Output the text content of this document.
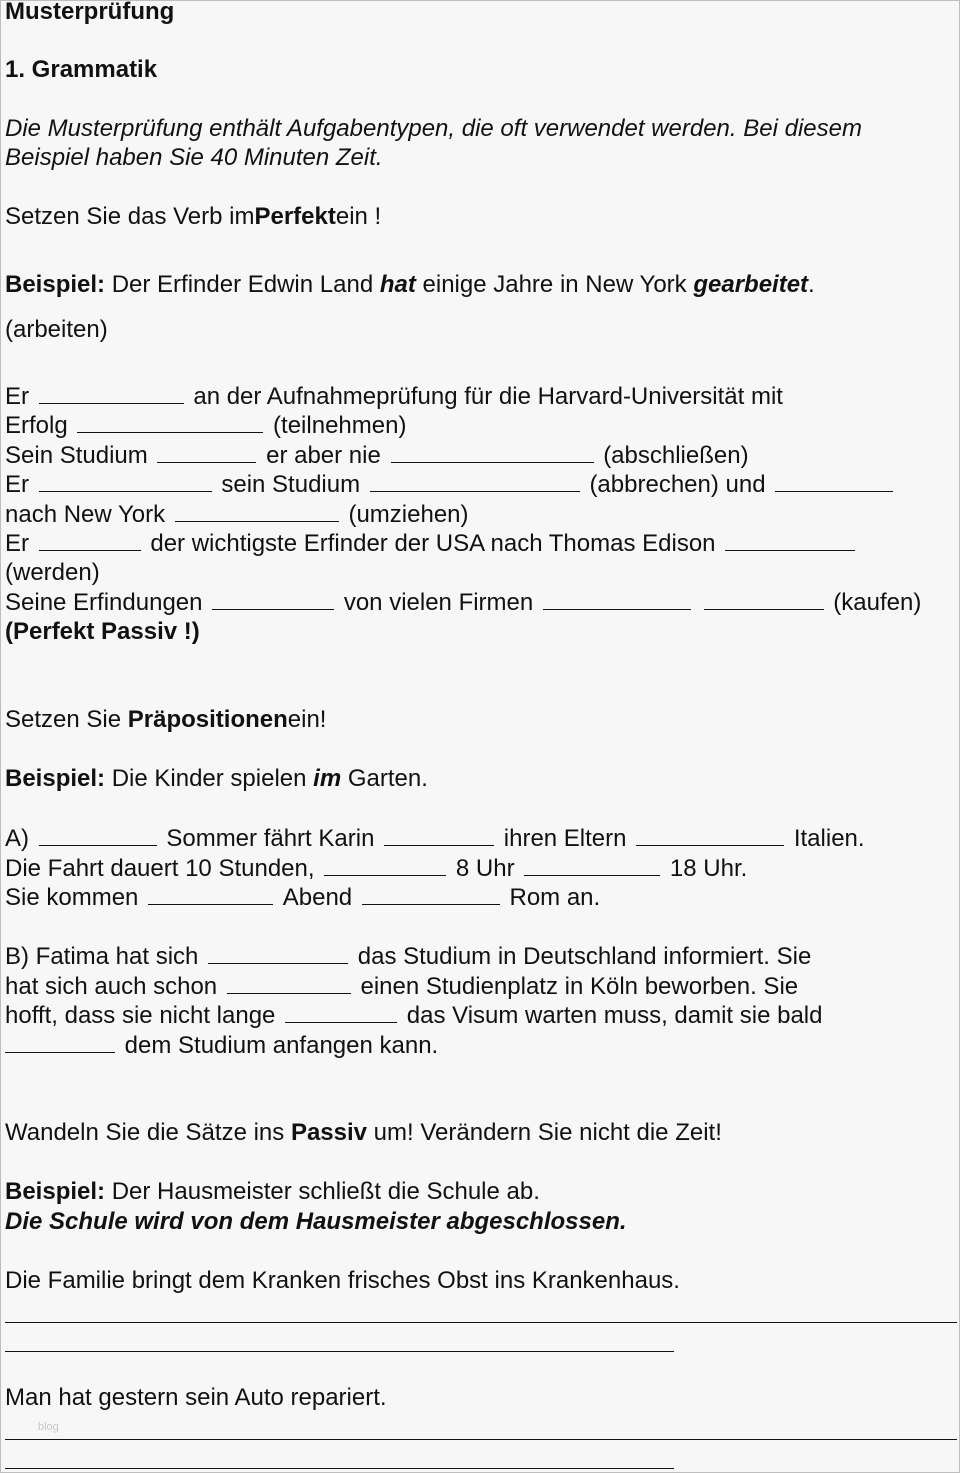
Musterprüfung
1. Grammatik
Die Musterprüfung enthält Aufgabentypen, die oft verwendet werden. Bei diesem
Beispiel haben Sie 40 Minuten Zeit.
Setzen Sie das Verb imPerfektein !
Beispiel: Der Erfinder Edwin Land hat einige Jahre in New York gearbeitet.
(arbeiten)
Er	an der Aufnahmeprüfung für die Harvard-Universität mit
Erfolg	(teilnehmen)
Sein Studium	er aber nie	(abschließen)
Er	sein Studium	(abbrechen) und
nach New York	(umziehen)
Er	der wichtigste Erfinder der USA nach Thomas Edison
(werden)
Seine Erfindungen	von vielen Firmen	(kaufen)
(Perfekt Passiv !)
Setzen Sie Präpositionenein!
Beispiel: Die Kinder spielen im Garten.
A)	Sommer fährt Karin	ihren Eltern	Italien.
Die Fahrt dauert 10 Stunden,	8 Uhr	18 Uhr.
Sie kommen	Abend	Rom an.
B) Fatima hat sich	das Studium in Deutschland informiert. Sie
hat sich auch schon	einen Studienplatz in Köln beworben. Sie
hofft, dass sie nicht lange	das Visum warten muss, damit sie bald
dem Studium anfangen kann.
Wandeln Sie die Sätze ins Passiv um! Verändern Sie nicht die Zeit!
Beispiel: Der Hausmeister schließt die Schule ab.
Die Schule wird von dem Hausmeister abgeschlossen.
Die Familie bringt dem Kranken frisches Obst ins Krankenhaus.
Man hat gestern sein Auto repariert.
blog
